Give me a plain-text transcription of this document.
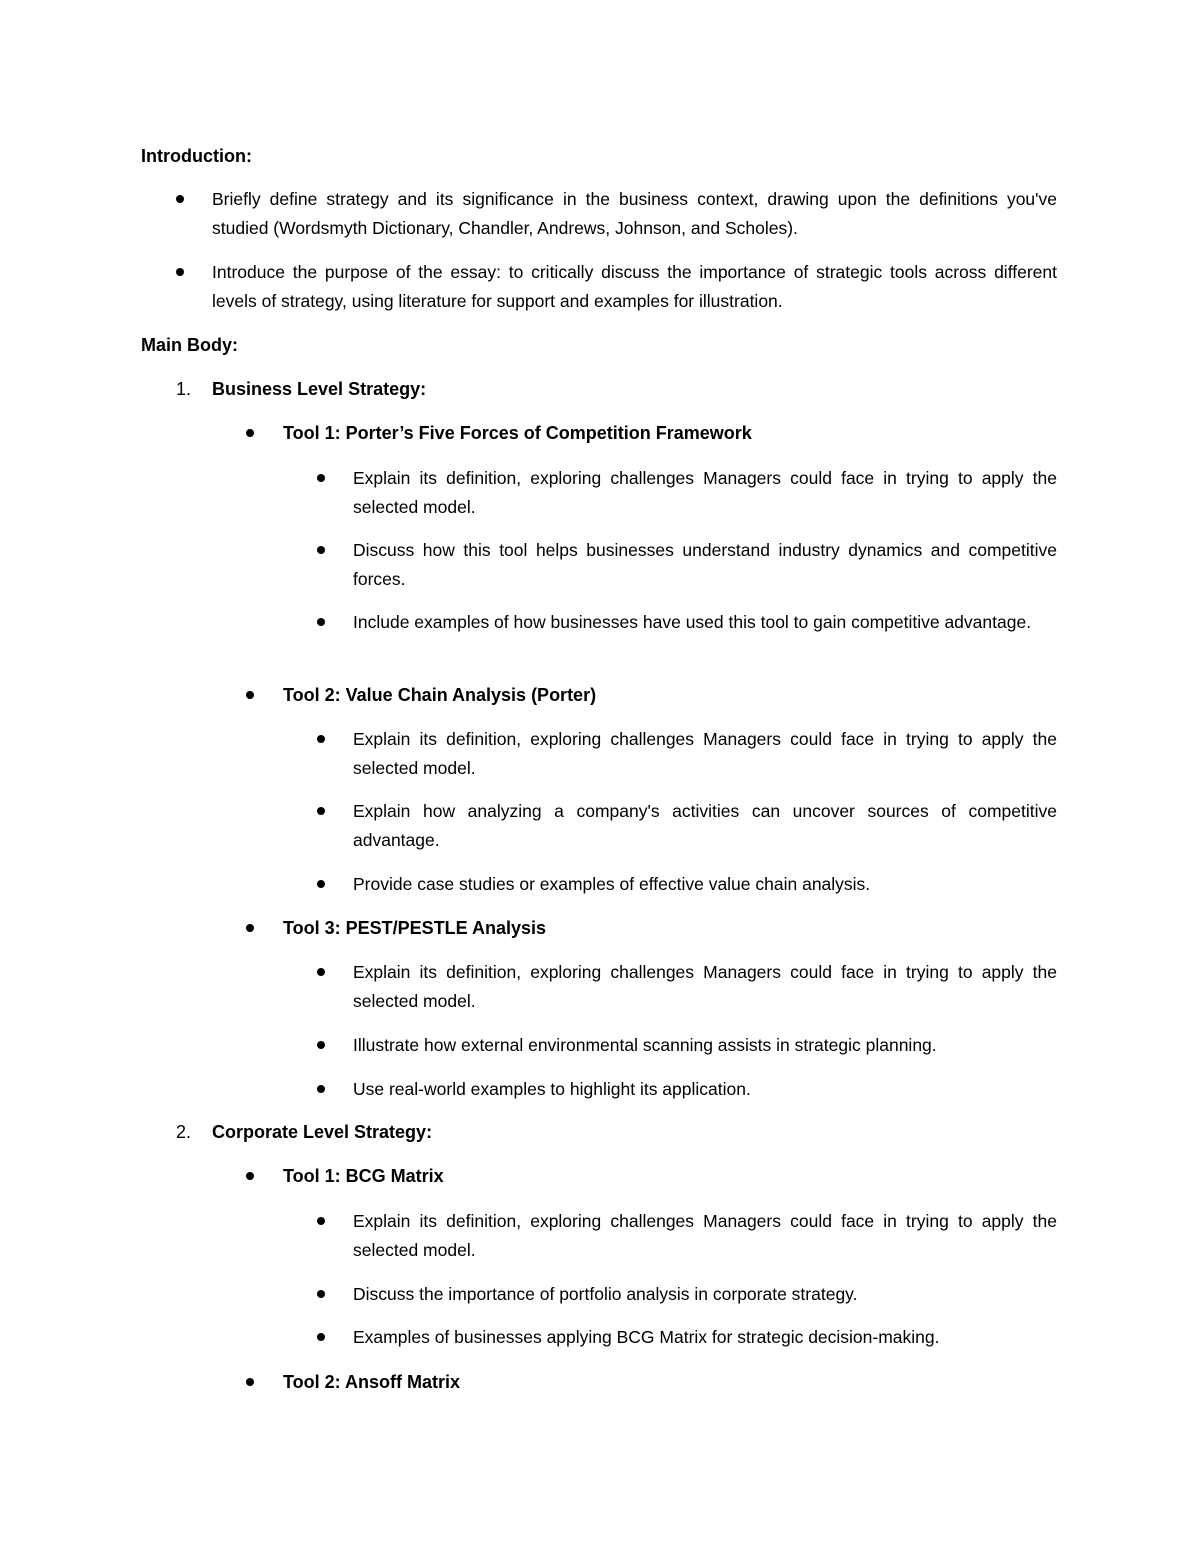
Introduction:
Briefly define strategy and its significance in the business context, drawing upon the definitions you've studied (Wordsmyth Dictionary, Chandler, Andrews, Johnson, and Scholes).
Introduce the purpose of the essay: to critically discuss the importance of strategic tools across different levels of strategy, using literature for support and examples for illustration.
Main Body:
1. Business Level Strategy:
Tool 1: Porter’s Five Forces of Competition Framework
Explain its definition, exploring challenges Managers could face in trying to apply the selected model.
Discuss how this tool helps businesses understand industry dynamics and competitive forces.
Include examples of how businesses have used this tool to gain competitive advantage.
Tool 2: Value Chain Analysis (Porter)
Explain its definition, exploring challenges Managers could face in trying to apply the selected model.
Explain how analyzing a company's activities can uncover sources of competitive advantage.
Provide case studies or examples of effective value chain analysis.
Tool 3: PEST/PESTLE Analysis
Explain its definition, exploring challenges Managers could face in trying to apply the selected model.
Illustrate how external environmental scanning assists in strategic planning.
Use real-world examples to highlight its application.
2. Corporate Level Strategy:
Tool 1: BCG Matrix
Explain its definition, exploring challenges Managers could face in trying to apply the selected model.
Discuss the importance of portfolio analysis in corporate strategy.
Examples of businesses applying BCG Matrix for strategic decision-making.
Tool 2: Ansoff Matrix
